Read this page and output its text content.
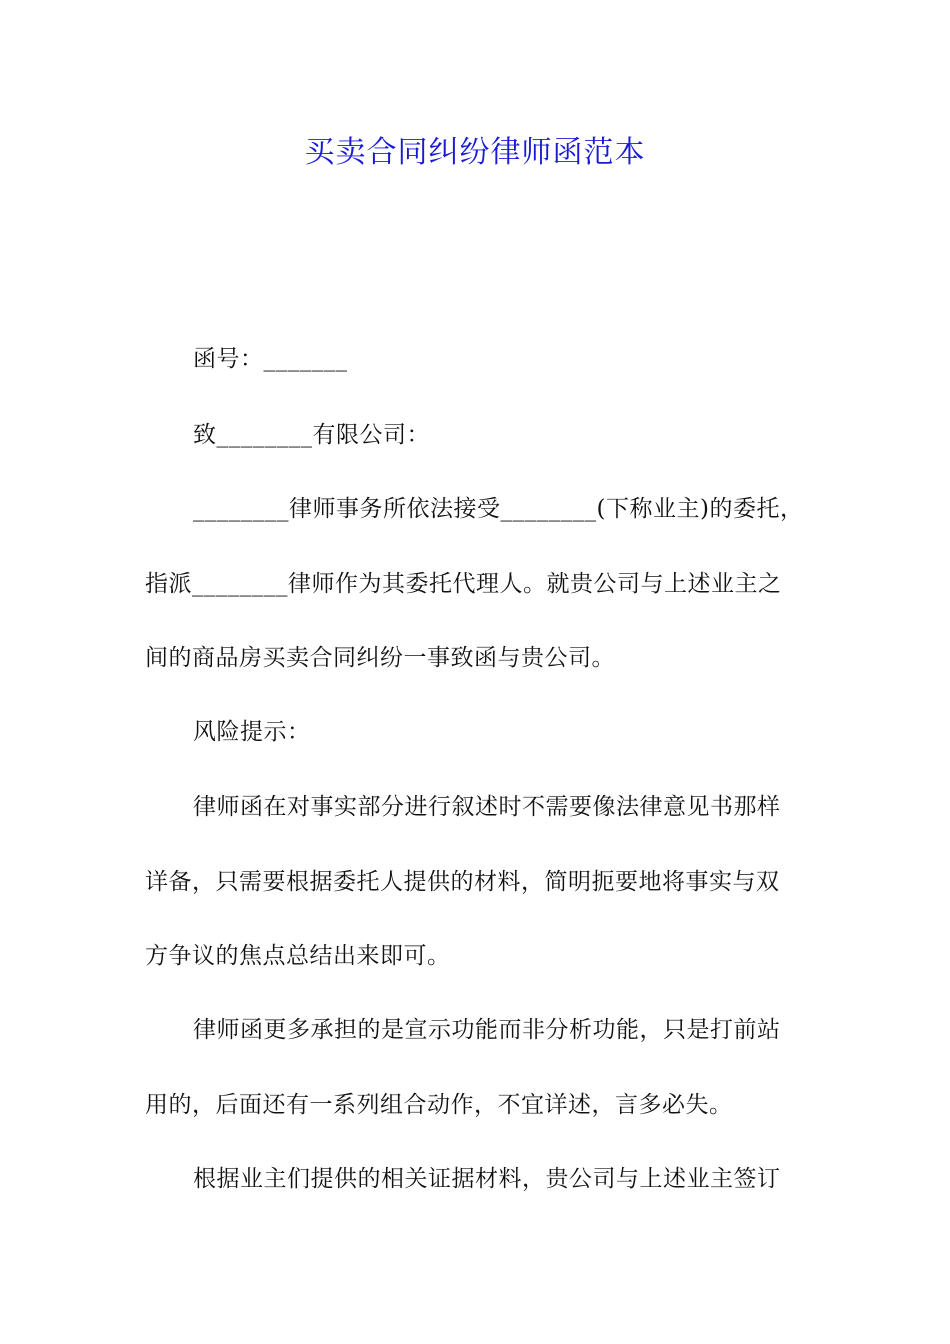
买卖合同纠纷律师函范本
函号：_______
致________有限公司：
________律师事务所依法接受________(下称业主)的委托，
指派________律师作为其委托代理人。就贵公司与上述业主之
间的商品房买卖合同纠纷一事致函与贵公司。
风险提示：
律师函在对事实部分进行叙述时不需要像法律意见书那样
详备，只需要根据委托人提供的材料，简明扼要地将事实与双
方争议的焦点总结出来即可。
律师函更多承担的是宣示功能而非分析功能，只是打前站
用的，后面还有一系列组合动作，不宜详述，言多必失。
根据业主们提供的相关证据材料，贵公司与上述业主签订
